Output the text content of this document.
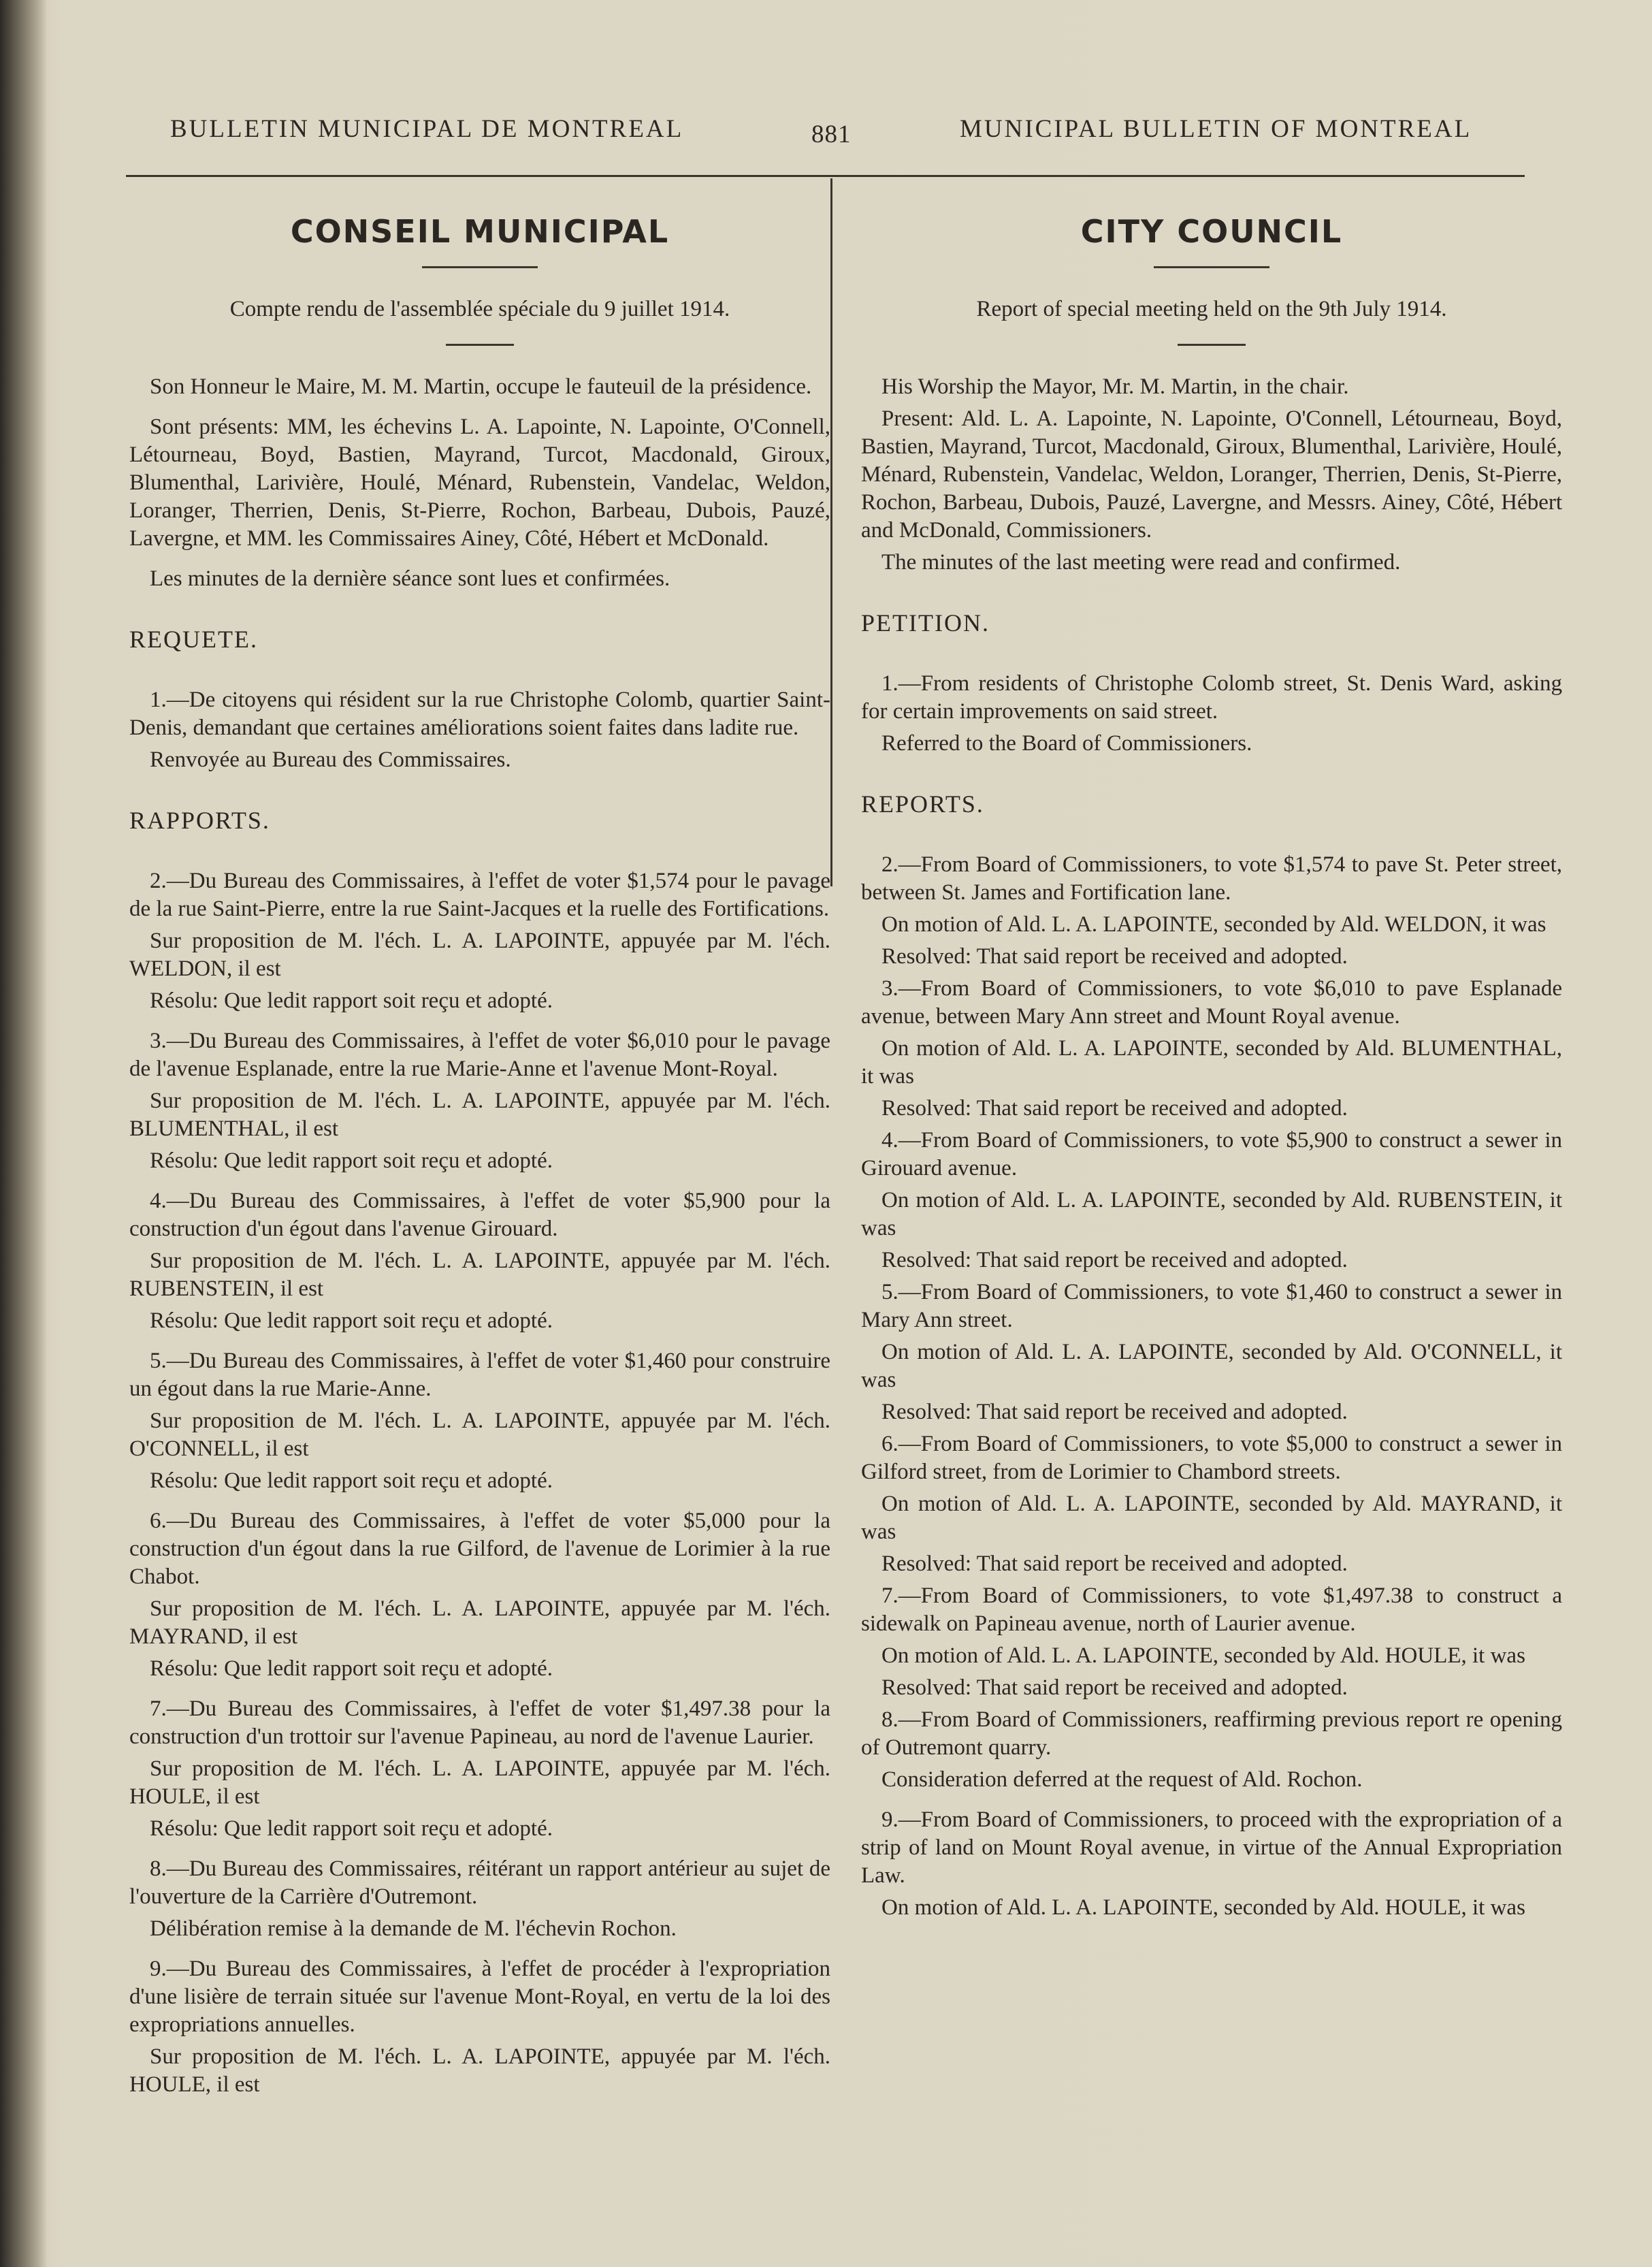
BULLETIN MUNICIPAL DE MONTREAL	881	MUNICIPAL BULLETIN OF MONTREAL
CONSEIL MUNICIPAL

Compte rendu de l'assemblée spéciale du 9 juillet 1914.

Son Honneur le Maire, M. M. Martin, occupe le fauteuil de la présidence.

Sont présents: MM, les échevins L. A. Lapointe, N. Lapointe, O'Connell, Létourneau, Boyd, Bastien, Mayrand, Turcot, Macdonald, Giroux, Blumenthal, Larivière, Houlé, Ménard, Rubenstein, Vandelac, Weldon, Loranger, Therrien, Denis, St-Pierre, Rochon, Barbeau, Dubois, Pauzé, Lavergne, et MM. les Commissaires Ainey, Côté, Hébert et McDonald.

Les minutes de la dernière séance sont lues et confirmées.

REQUETE.

1.—De citoyens qui résident sur la rue Christophe Colomb, quartier Saint-Denis, demandant que certaines améliorations soient faites dans ladite rue.

Renvoyée au Bureau des Commissaires.

RAPPORTS.

2.—Du Bureau des Commissaires, à l'effet de voter $1,574 pour le pavage de la rue Saint-Pierre, entre la rue Saint-Jacques et la ruelle des Fortifications.

Sur proposition de M. l'éch. L. A. LAPOINTE, appuyée par M. l'éch. WELDON, il est

Résolu: Que ledit rapport soit reçu et adopté.

3.—Du Bureau des Commissaires, à l'effet de voter $6,010 pour le pavage de l'avenue Esplanade, entre la rue Marie-Anne et l'avenue Mont-Royal.

Sur proposition de M. l'éch. L. A. LAPOINTE, appuyée par M. l'éch. BLUMENTHAL, il est

Résolu: Que ledit rapport soit reçu et adopté.

4.—Du Bureau des Commissaires, à l'effet de voter $5,900 pour la construction d'un égout dans l'avenue Girouard.

Sur proposition de M. l'éch. L. A. LAPOINTE, appuyée par M. l'éch. RUBENSTEIN, il est

Résolu: Que ledit rapport soit reçu et adopté.

5.—Du Bureau des Commissaires, à l'effet de voter $1,460 pour construire un égout dans la rue Marie-Anne.

Sur proposition de M. l'éch. L. A. LAPOINTE, appuyée par M. l'éch. O'CONNELL, il est

Résolu: Que ledit rapport soit reçu et adopté.

6.—Du Bureau des Commissaires, à l'effet de voter $5,000 pour la construction d'un égout dans la rue Gilford, de l'avenue de Lorimier à la rue Chabot.

Sur proposition de M. l'éch. L. A. LAPOINTE, appuyée par M. l'éch. MAYRAND, il est

Résolu: Que ledit rapport soit reçu et adopté.

7.—Du Bureau des Commissaires, à l'effet de voter $1,497.38 pour la construction d'un trottoir sur l'avenue Papineau, au nord de l'avenue Laurier.

Sur proposition de M. l'éch. L. A. LAPOINTE, appuyée par M. l'éch. HOULE, il est

Résolu: Que ledit rapport soit reçu et adopté.

8.—Du Bureau des Commissaires, réitérant un rapport antérieur au sujet de l'ouverture de la Carrière d'Outremont.

Délibération remise à la demande de M. l'échevin Rochon.

9.—Du Bureau des Commissaires, à l'effet de procéder à l'expropriation d'une lisière de terrain située sur l'avenue Mont-Royal, en vertu de la loi des expropriations annuelles.

Sur proposition de M. l'éch. L. A. LAPOINTE, appuyée par M. l'éch. HOULE, il est

CITY COUNCIL

Report of special meeting held on the 9th July 1914.

His Worship the Mayor, Mr. M. Martin, in the chair.

Present: Ald. L. A. Lapointe, N. Lapointe, O'Connell, Létourneau, Boyd, Bastien, Mayrand, Turcot, Macdonald, Giroux, Blumenthal, Larivière, Houlé, Ménard, Rubenstein, Vandelac, Weldon, Loranger, Therrien, Denis, St-Pierre, Rochon, Barbeau, Dubois, Pauzé, Lavergne, and Messrs. Ainey, Côté, Hébert and McDonald, Commissioners.

The minutes of the last meeting were read and confirmed.

PETITION.

1.—From residents of Christophe Colomb street, St. Denis Ward, asking for certain improvements on said street.

Referred to the Board of Commissioners.

REPORTS.

2.—From Board of Commissioners, to vote $1,574 to pave St. Peter street, between St. James and Fortification lane.

On motion of Ald. L. A. LAPOINTE, seconded by Ald. WELDON, it was

Resolved: That said report be received and adopted.

3.—From Board of Commissioners, to vote $6,010 to pave Esplanade avenue, between Mary Ann street and Mount Royal avenue.

On motion of Ald. L. A. LAPOINTE, seconded by Ald. BLUMENTHAL, it was

Resolved: That said report be received and adopted.

4.—From Board of Commissioners, to vote $5,900 to construct a sewer in Girouard avenue.

On motion of Ald. L. A. LAPOINTE, seconded by Ald. RUBENSTEIN, it was

Resolved: That said report be received and adopted.

5.—From Board of Commissioners, to vote $1,460 to construct a sewer in Mary Ann street.

On motion of Ald. L. A. LAPOINTE, seconded by Ald. O'CONNELL, it was

Resolved: That said report be received and adopted.

6.—From Board of Commissioners, to vote $5,000 to construct a sewer in Gilford street, from de Lorimier to Chambord streets.

On motion of Ald. L. A. LAPOINTE, seconded by Ald. MAYRAND, it was

Resolved: That said report be received and adopted.

7.—From Board of Commissioners, to vote $1,497.38 to construct a sidewalk on Papineau avenue, north of Laurier avenue.

On motion of Ald. L. A. LAPOINTE, seconded by Ald. HOULE, it was

Resolved: That said report be received and adopted.

8.—From Board of Commissioners, reaffirming previous report re opening of Outremont quarry.

Consideration deferred at the request of Ald. Rochon.

9.—From Board of Commissioners, to proceed with the expropriation of a strip of land on Mount Royal avenue, in virtue of the Annual Expropriation Law.

On motion of Ald. L. A. LAPOINTE, seconded by Ald. HOULE, it was
